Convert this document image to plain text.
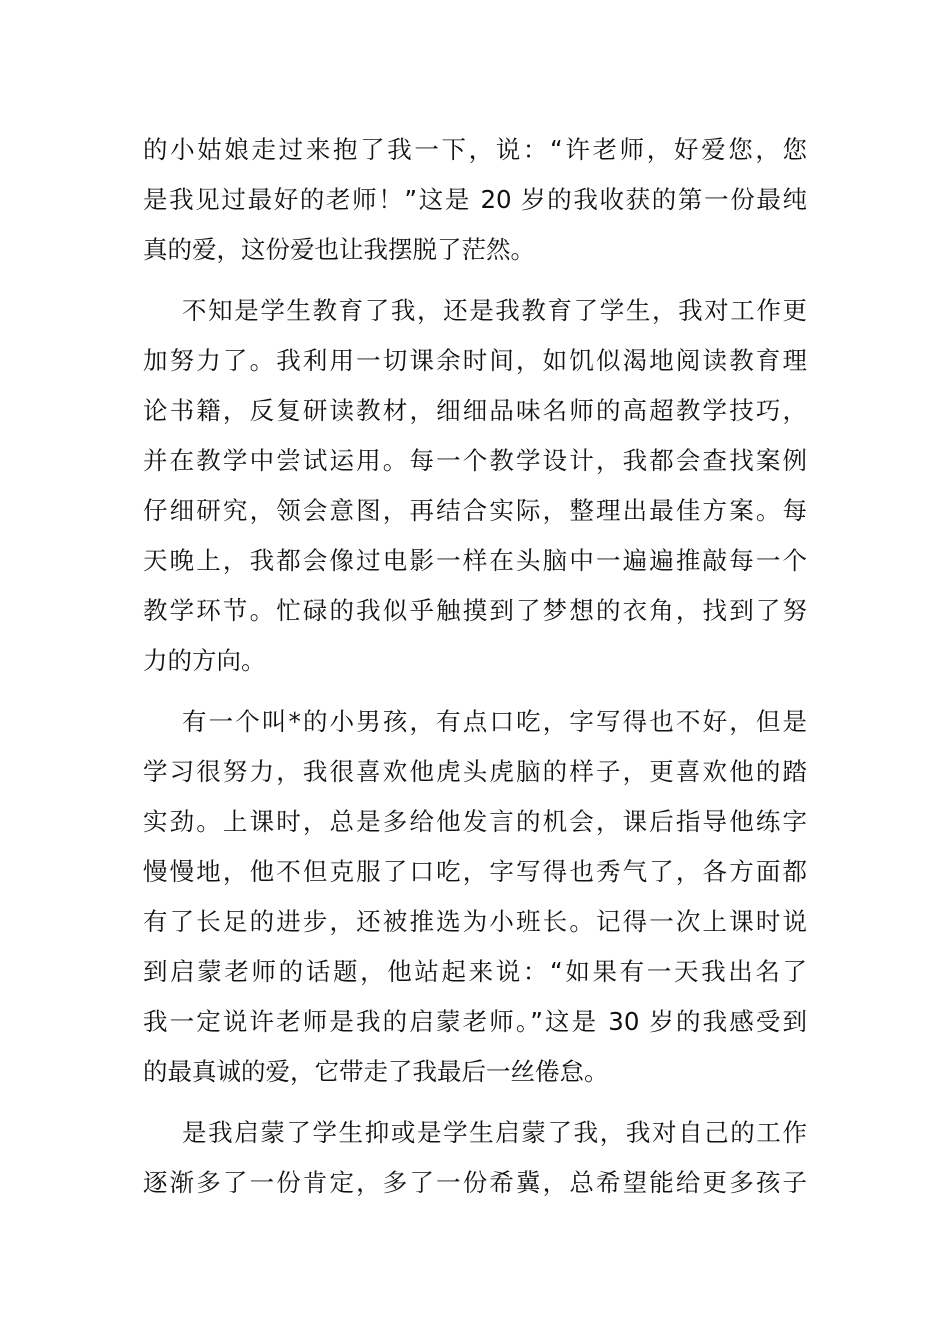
的小姑娘走过来抱了我一下，说：“许老师，好爱您，您
是我见过最好的老师！”这是 20 岁的我收获的第一份最纯
真的爱，这份爱也让我摆脱了茫然。
不知是学生教育了我，还是我教育了学生，我对工作更
加努力了。我利用一切课余时间，如饥似渴地阅读教育理
论书籍，反复研读教材，细细品味名师的高超教学技巧，
并在教学中尝试运用。每一个教学设计，我都会查找案例
仔细研究，领会意图，再结合实际，整理出最佳方案。每
天晚上，我都会像过电影一样在头脑中一遍遍推敲每一个
教学环节。忙碌的我似乎触摸到了梦想的衣角，找到了努
力的方向。
有一个叫*的小男孩，有点口吃，字写得也不好，但是
学习很努力，我很喜欢他虎头虎脑的样子，更喜欢他的踏
实劲。上课时，总是多给他发言的机会，课后指导他练字
慢慢地，他不但克服了口吃，字写得也秀气了，各方面都
有了长足的进步，还被推选为小班长。记得一次上课时说
到启蒙老师的话题，他站起来说：“如果有一天我出名了
我一定说许老师是我的启蒙老师。”这是 30 岁的我感受到
的最真诚的爱，它带走了我最后一丝倦怠。
是我启蒙了学生抑或是学生启蒙了我，我对自己的工作
逐渐多了一份肯定，多了一份希冀，总希望能给更多孩子
